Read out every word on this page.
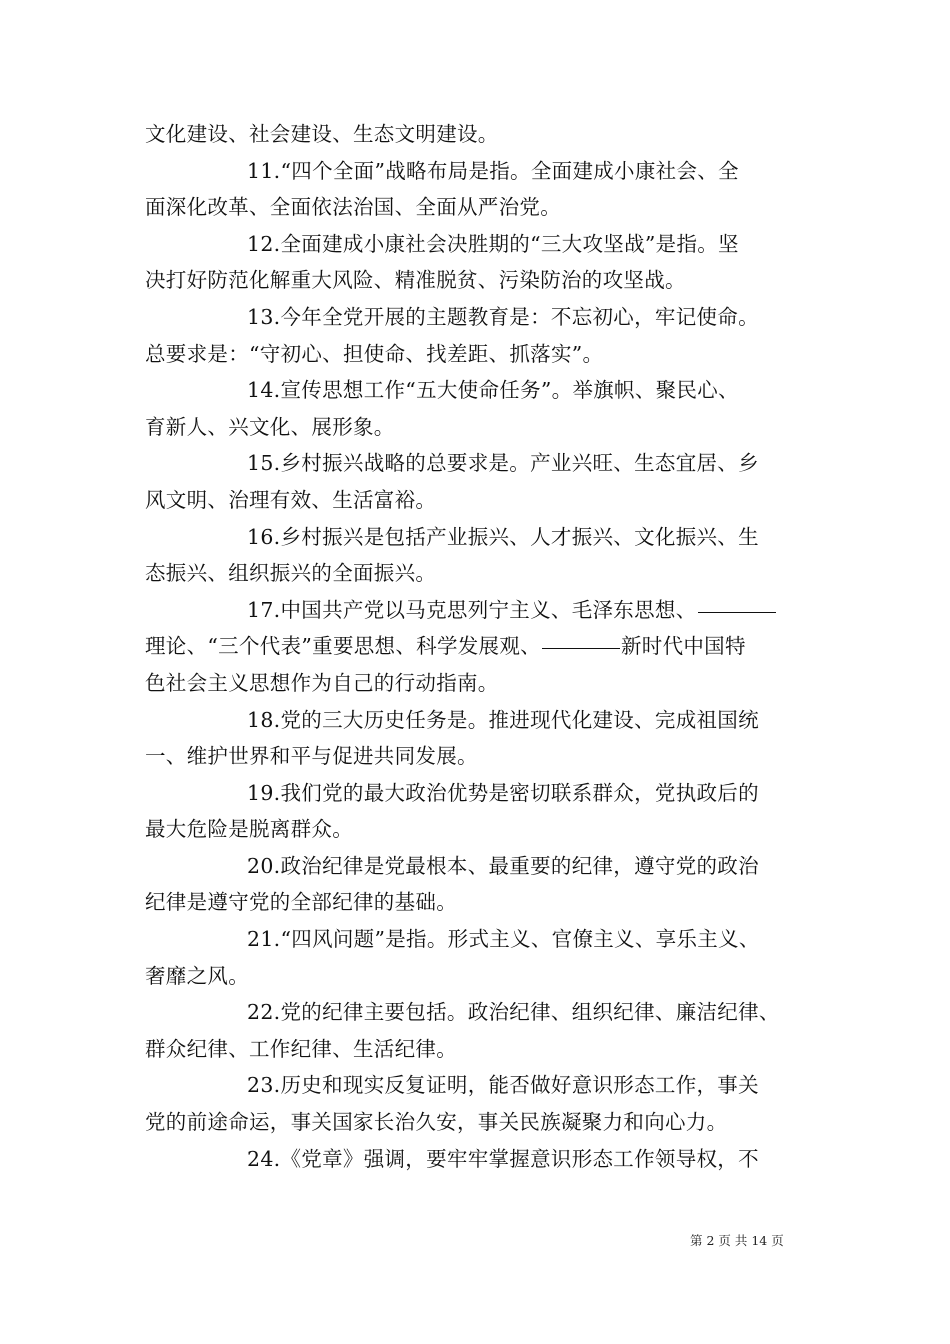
文化建设、社会建设、生态文明建设。
11.“四个全面”战略布局是指。全面建成小康社会、全
面深化改革、全面依法治国、全面从严治党。
12.全面建成小康社会决胜期的“三大攻坚战”是指。坚
决打好防范化解重大风险、精准脱贫、污染防治的攻坚战。
13.今年全党开展的主题教育是：不忘初心，牢记使命。
总要求是：“守初心、担使命、找差距、抓落实”。
14.宣传思想工作“五大使命任务”。举旗帜、聚民心、
育新人、兴文化、展形象。
15.乡村振兴战略的总要求是。产业兴旺、生态宜居、乡
风文明、治理有效、生活富裕。
16.乡村振兴是包括产业振兴、人才振兴、文化振兴、生
态振兴、组织振兴的全面振兴。
17.中国共产党以马克思列宁主义、毛泽东思想、
理论、“三个代表”重要思想、科学发展观、	新时代中国特
色社会主义思想作为自己的行动指南。
18.党的三大历史任务是。推进现代化建设、完成祖国统
一、维护世界和平与促进共同发展。
19.我们党的最大政治优势是密切联系群众，党执政后的
最大危险是脱离群众。
20.政治纪律是党最根本、最重要的纪律，遵守党的政治
纪律是遵守党的全部纪律的基础。
21.“四风问题”是指。形式主义、官僚主义、享乐主义、
奢靡之风。
22.党的纪律主要包括。政治纪律、组织纪律、廉洁纪律、
群众纪律、工作纪律、生活纪律。
23.历史和现实反复证明，能否做好意识形态工作，事关
党的前途命运，事关国家长治久安，事关民族凝聚力和向心力。
24.《党章》强调，要牢牢掌握意识形态工作领导权，不
第 2 页 共 14 页
